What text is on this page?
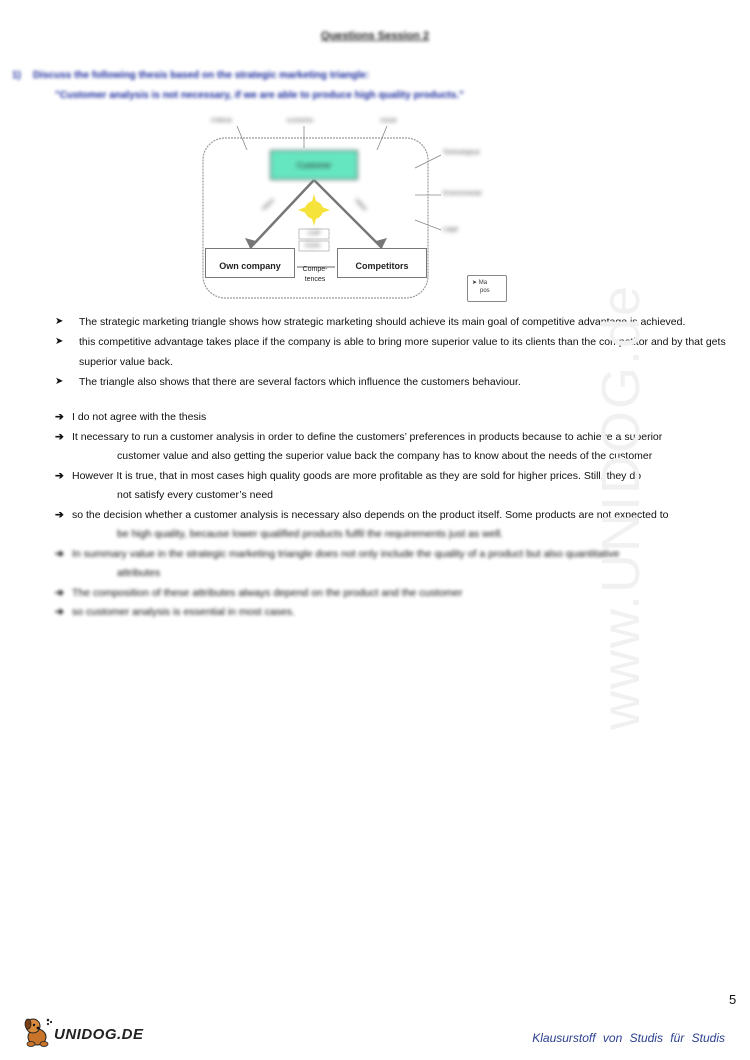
Questions Session 2
1) Discuss the following thesis based on the strategic marketing triangle:
"Customer analysis is not necessary, if we are able to produce high quality products."
Political	Economic	Social
Technological
Environmental
Legal
Value	Value
CAP
Costs
Customer
Own company	Competitors
Compe-tences	➤ Ma
pos
➤	The strategic marketing triangle shows how strategic marketing should achieve its main goal of competitive advantage is achieved.
➤	this competitive advantage takes place if the company is able to bring more superior value to its clients than the competitor and by that gets superior value back.
➤	The triangle also shows that there are several factors which influence the customers behaviour.
➔ I do not agree with the thesis
➔ It necessary to run a customer analysis in order to define the customers’ preferences in products because to achieve a superior
customer value and also getting the superior value back the company has to know about the needs of the customer
➔ However It is true, that in most cases high quality goods are more profitable as they are sold for higher prices. Still, they do
not satisfy every customer’s need
➔ so the decision whether a customer analysis is necessary also depends on the product itself. Some products are not expected to
be high quality, because lower qualified products fulfil the requirements just as well.
➔ In summary value in the strategic marketing triangle does not only include the quality of a product but also quantitative
attributes
➔ The composition of these attributes always depend on the product and the customer
➔ so customer analysis is essential in most cases.	www.UNIDOG.de
5
UNIDOG.DE	Klausurstoff von Studis für Studis
